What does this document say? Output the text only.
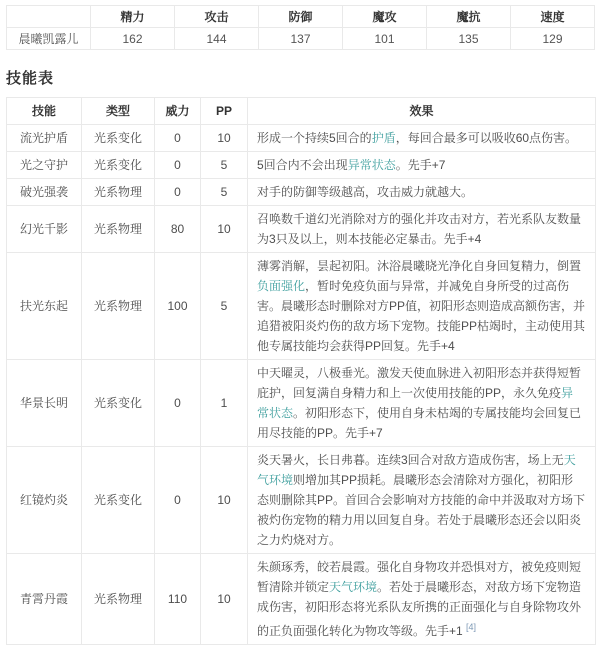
	精力	攻击	防御	魔攻	魔抗	速度
晨曦凯露儿	162	144	137	101	135	129
技能表
技能	类型	威力	PP	效果
流光护盾	光系变化	0	10	形成一个持续5回合的护盾，每回合最多可以吸收60点伤害。
光之守护	光系变化	0	5	5回合内不会出现异常状态。先手+7
破光强袭	光系物理	0	5	对手的防御等级越高，攻击威力就越大。
幻光千影	光系物理	80	10	召唤数千道幻光消除对方的强化并攻击对方，若光系队友数量为3只及以上，则本技能必定暴击。先手+4
扶光东起	光系物理	100	5	薄雾消解，昙起初阳。沐浴晨曦晓光净化自身回复精力，倒置负面强化，暂时免疫负面与异常，并减免自身所受的过高伤害。晨曦形态时删除对方PP值，初阳形态则造成高额伤害，并追猎被阳炎灼伤的敌方场下宠物。技能PP枯竭时，主动使用其他专属技能均会获得PP回复。先手+4
华景长明	光系变化	0	1	中天曜灵，八极垂光。激发天使血脉进入初阳形态并获得短暂庇护，回复满自身精力和上一次使用技能的PP，永久免疫异常状态。初阳形态下，使用自身未枯竭的专属技能均会回复已用尽技能的PP。先手+7
红镜灼炎	光系变化	0	10	炎天暑火，长日弗暮。连续3回合对敌方造成伤害，场上无天气环境则增加其PP损耗。晨曦形态会清除对方强化，初阳形态则删除其PP。首回合会影响对方技能的命中并汲取对方场下被灼伤宠物的精力用以回复自身。若处于晨曦形态还会以阳炎之力灼烧对方。
青霄丹霞	光系物理	110	10	朱颜琢秀，皎若晨霞。强化自身物攻并恐惧对方，被免疫则短暂清除并锁定天气环境。若处于晨曦形态，对敌方场下宠物造成伤害，初阳形态将光系队友所携的正面强化与自身除物攻外的正负面强化转化为物攻等级。先手+1 [4]
